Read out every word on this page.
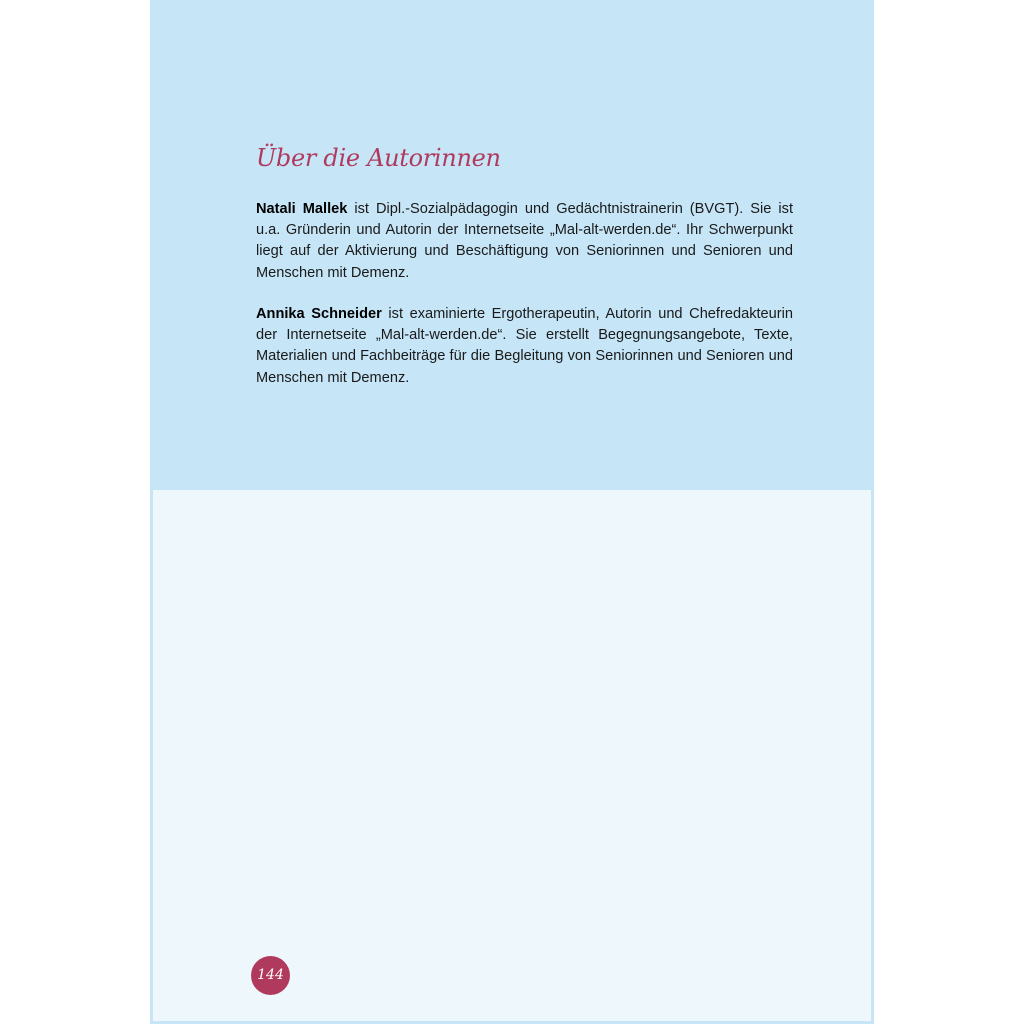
Über die Autorinnen

Natali Mallek ist Dipl.-Sozialpädagogin und Gedächtnistrainerin (BVGT). Sie ist u.a. Gründerin und Autorin der Internetseite „Mal-alt-werden.de“. Ihr Schwerpunkt liegt auf der Aktivierung und Beschäftigung von Seniorinnen und Senioren und Menschen mit Demenz.

Annika Schneider ist examinierte Ergotherapeutin, Autorin und Chefredakteurin der Internetseite „Mal-alt-werden.de“. Sie erstellt Begegnungsangebote, Texte, Materialien und Fachbeiträge für die Begleitung von Seniorinnen und Senioren und Menschen mit Demenz.

144
